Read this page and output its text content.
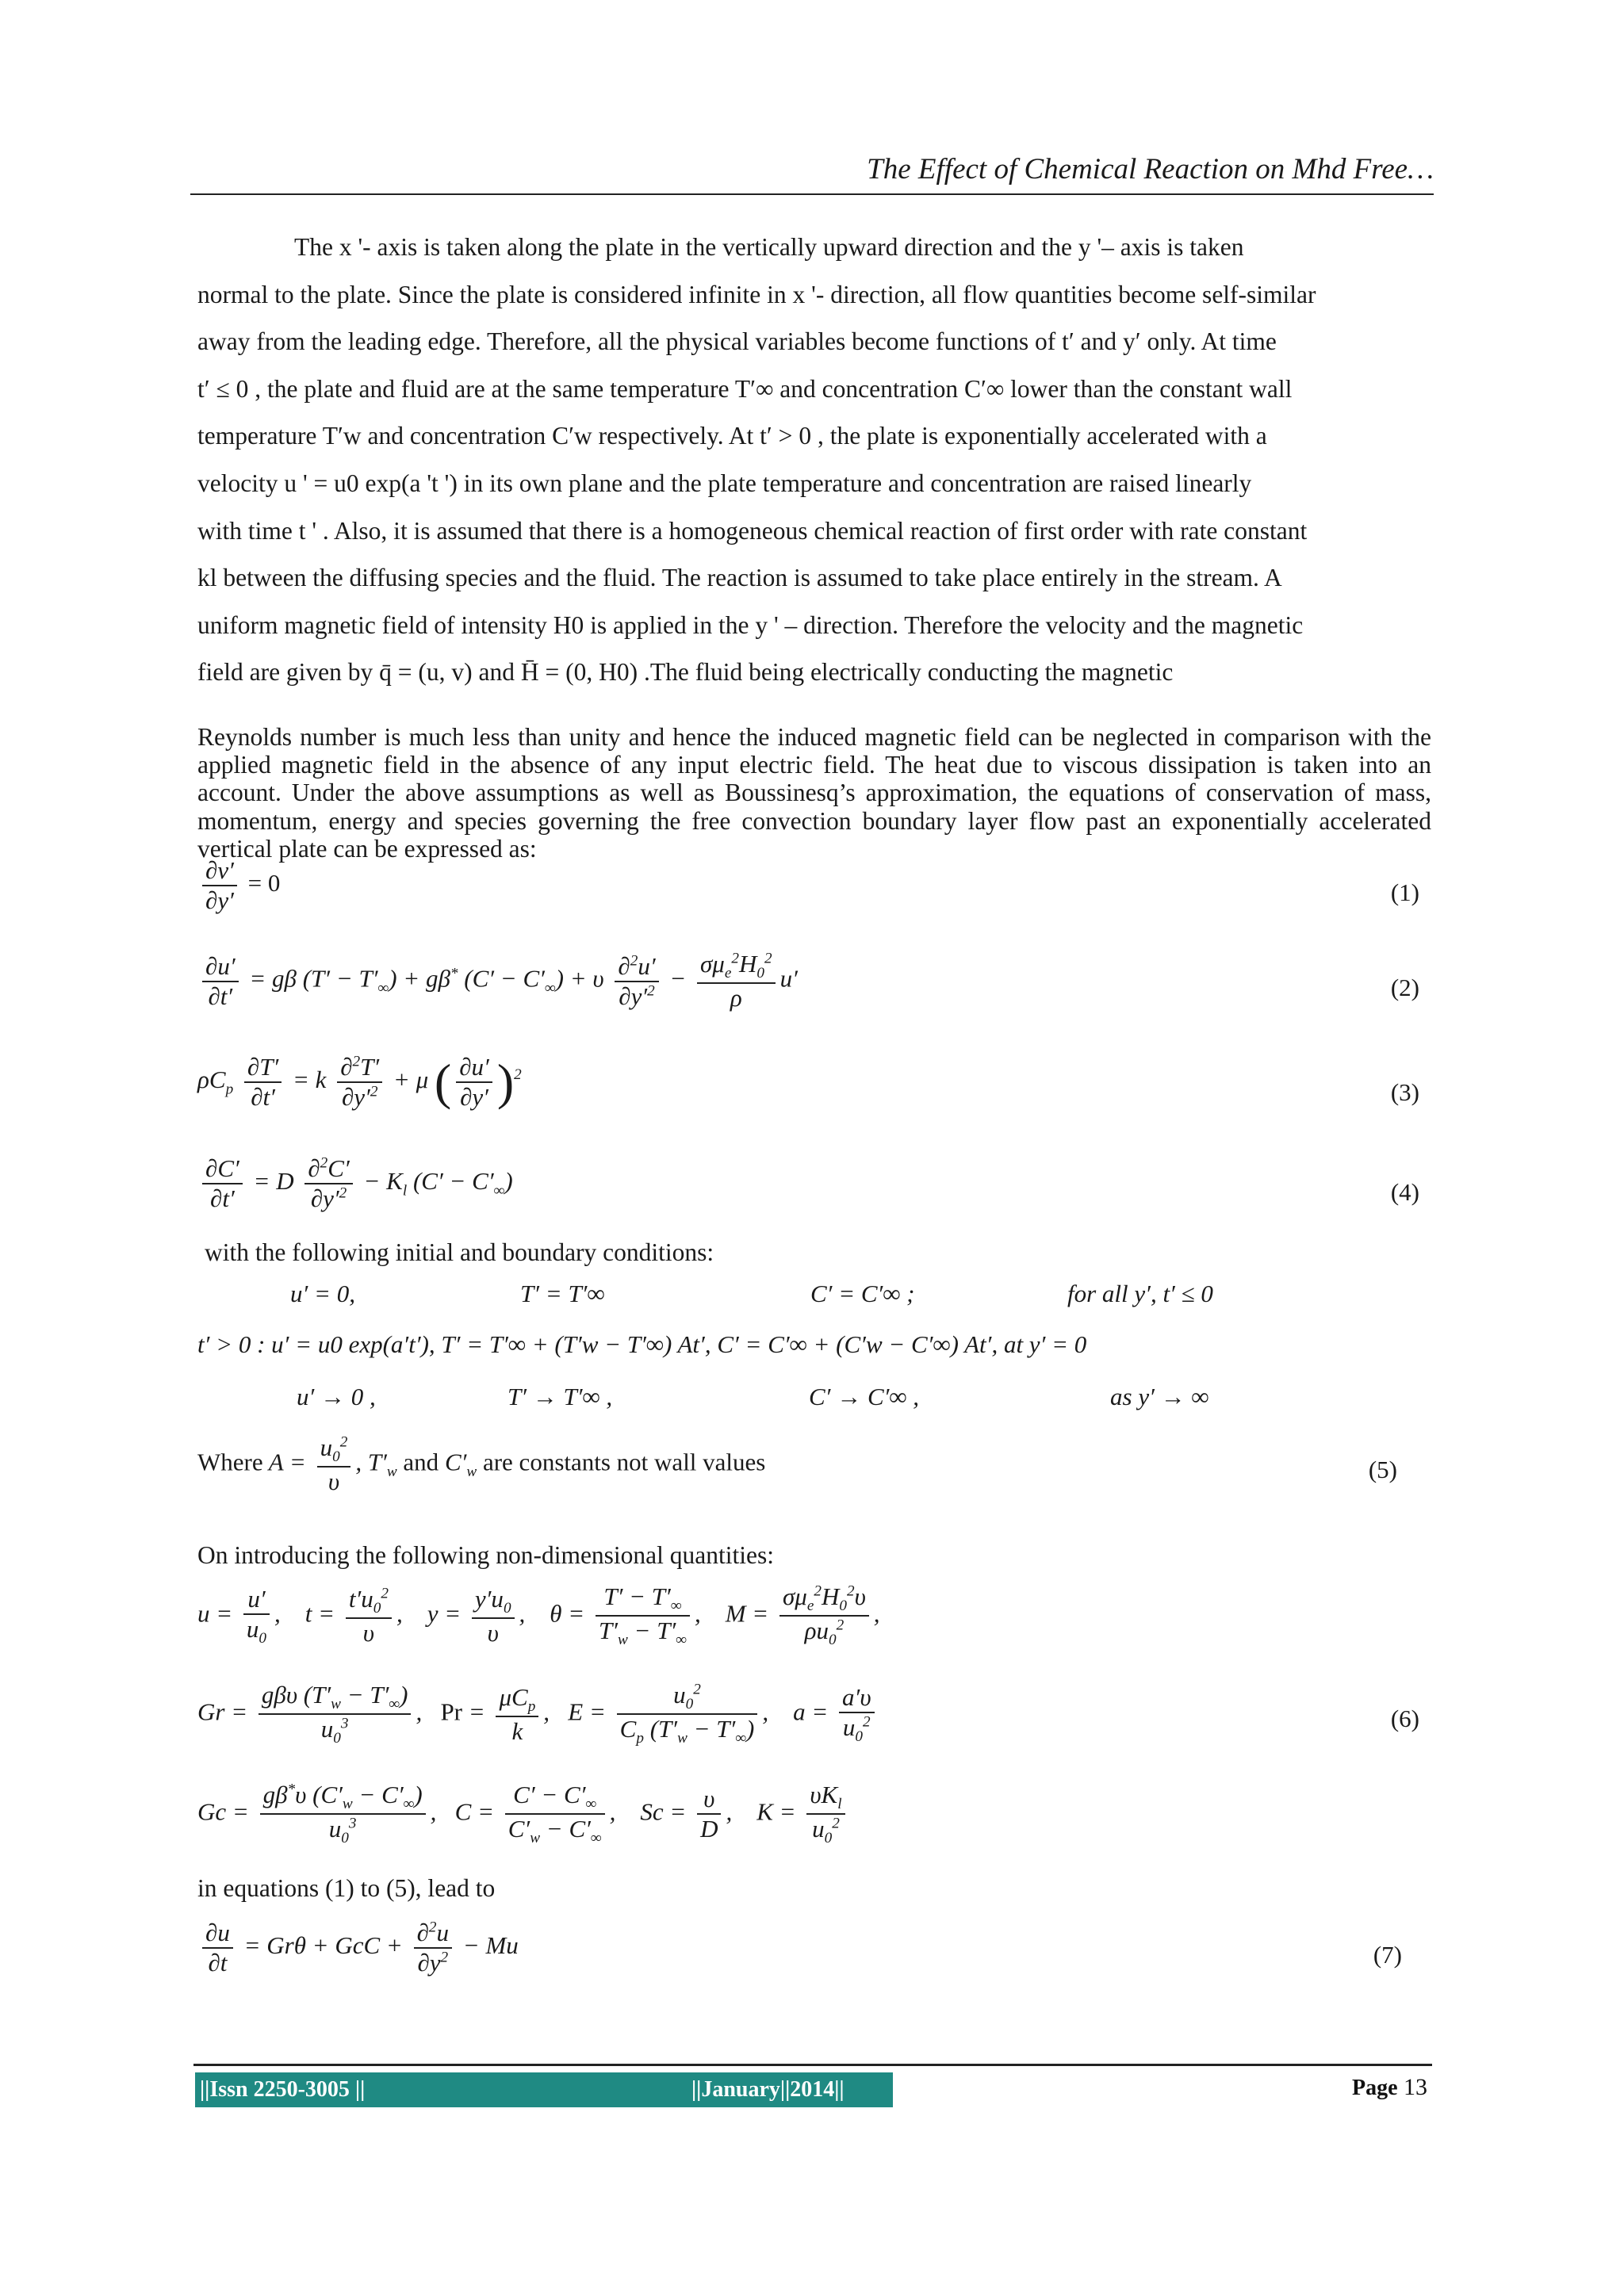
The Effect of Chemical Reaction on Mhd Free…

The x '- axis is taken along the plate in the vertically upward direction and the y '– axis is taken

normal to the plate. Since the plate is considered infinite in x '- direction, all flow quantities become self-similar
away from the leading edge. Therefore, all the physical variables become functions of t′ and y′ only. At time
t′ ≤ 0 , the plate and fluid are at the same temperature T′∞ and concentration C′∞ lower than the constant wall
temperature T′w and concentration C′w respectively. At t′ > 0 , the plate is exponentially accelerated with a
velocity u ' = u0 exp(a 't ') in its own plane and the plate temperature and concentration are raised linearly
with time t ' . Also, it is assumed that there is a homogeneous chemical reaction of first order with rate constant
kl between the diffusing species and the fluid. The reaction is assumed to take place entirely in the stream. A
uniform magnetic field of intensity H0 is applied in the y ' – direction. Therefore the velocity and the magnetic
field are given by q̄ = (u, v) and H̄ = (0, H0) .The fluid being electrically conducting the magnetic
Reynolds number is much less than unity and hence the induced magnetic field can be neglected in comparison with the applied magnetic field in the absence of any input electric field. The heat due to viscous dissipation is taken into an account. Under the above assumptions as well as Boussinesq’s approximation, the equations of conservation of mass, momentum, energy and species governing the free convection boundary layer flow past an exponentially accelerated vertical plate can be expressed as:
$\frac{\partial v'}{\partial y'} = 0$	(1)
$\frac{\partial u'}{\partial t'} = g\beta$ $(T' - T'_\infty) + g\beta^*$ $(C' - C'_\infty) + \upsilon \frac{\partial^2u'}{\partial y'^2} - \frac{\sigma\mu_e^2H_0^2}{\rho} u'$	(2)
$\rho C_p \frac{\partial T'}{\partial t'} = k \frac{\partial^2T'}{\partial y'^2} + \mu$ ( $\frac{\partial u'}{\partial y'} )^2$
(3)
$\frac{\partial C'}{\partial t'} = D \frac{\partial^2C'}{\partial y'^2} - K_l$ $(C' - C'_\infty)$	(4)
with the following initial and boundary conditions:
u′ = 0,	T′ = T′∞	C′ = C′∞ ;	for all y′, t′ ≤ 0
t′ > 0 : u′ = u0 exp(a′t′), T′ = T′∞ + (T′w − T′∞) At′, C′ = C′∞ + (C′w − C′∞) At′, at y′ = 0
u′ → 0 ,	T′ → T′∞ ,	C′ → C′∞ ,	as y′ → ∞
Where $A = \frac{u_0^2}{\upsilon}$ , $T'_w$ and $C'_w$ are constants not wall values	(5)
On introducing the following non-dimensional quantities:
$u = \frac{u'}{u_0}$ ,    $t = \frac{t'u_0^2}{\upsilon}$ ,    $y = \frac{y'u_0}{\upsilon}$ ,    $\theta = \frac{T' - T'_\infty}{T'_w - T'_\infty}$ ,    $M = \frac{\sigma\mu_e^2H_0^2\upsilon}{\rho u_0^2}$ ,
$Gr = \frac{g\beta\upsilon (T'_w - T'_\infty)}{u_0^3}$ ,   $Pr = \frac{\mu C_p}{k}$ ,   $E = \frac{u_0^2}{C_p (T'_w - T'_\infty)}$ ,    $a = \frac{a'\upsilon}{u_0^2}$	(6)
$Gc = \frac{g\beta^*\upsilon (C'_w - C'_\infty)}{u_0^3}$ ,   $C = \frac{C' - C'_\infty}{C'_w - C'_\infty}$ ,    $Sc = \frac{\upsilon}{D}$ ,    $K = \frac{\upsilon K_l}{u_0^2}$
in equations (1) to (5), lead to
$\frac{\partial u}{\partial t} = Gr\theta$ + GcC + $\frac{\partial^2u}{\partial y^2} - Mu$	(7)
||Issn 2250-3005 ||	||January||2014||	Page 13
